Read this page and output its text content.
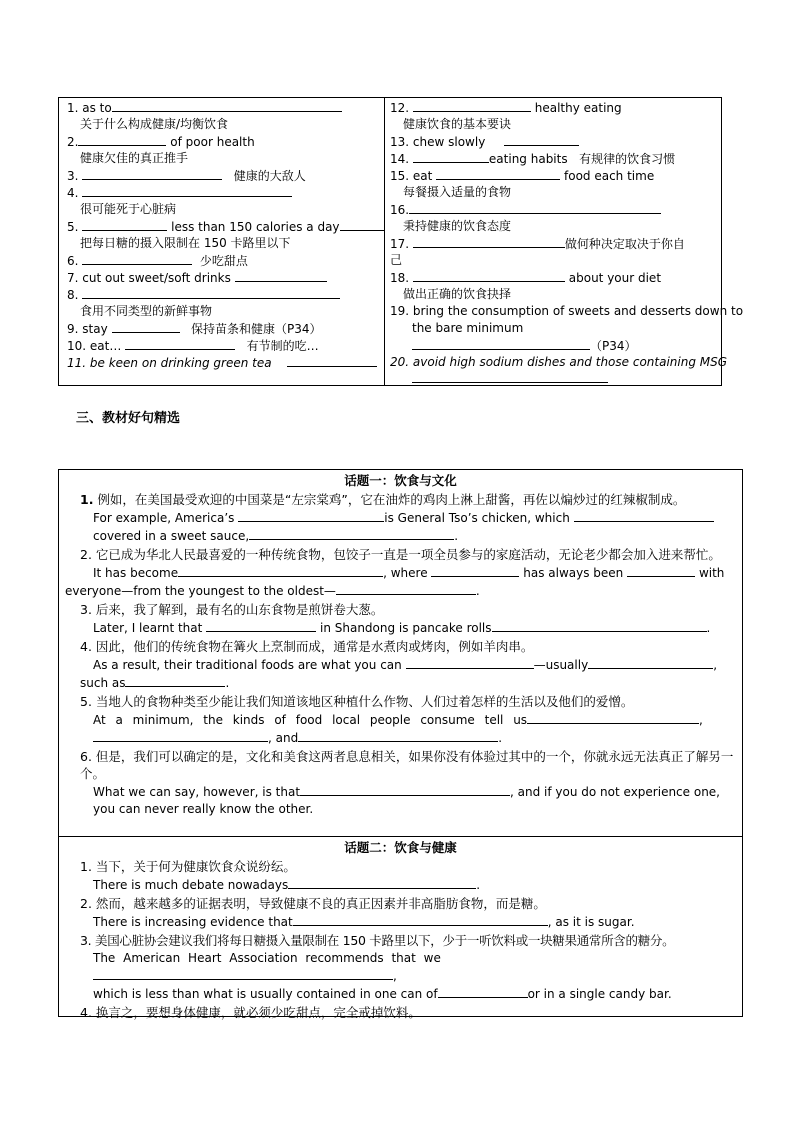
1. as to
关于什么构成健康/均衡饮食
2.	of poor health
健康欠佳的真正推手
3.	健康的大敌人
4.
很可能死于心脏病
5.	less than 150 calories a day
把每日糖的摄入限制在 150 卡路里以下
6.	少吃甜点
7. cut out sweet/soft drinks
8.
食用不同类型的新鲜事物
9. stay	保持苗条和健康（P34）
10. eat…	有节制的吃…
11. be keen on drinking green tea
12.	healthy eating
健康饮食的基本要诀
13. chew slowly
14.	eating habits 有规律的饮食习惯
15. eat	food each time
每餐摄入适量的食物
16.
秉持健康的饮食态度
17.	做何种决定取决于你自
己
18.	about your diet
做出正确的饮食抉择
19. bring the consumption of sweets and desserts down to
the bare minimum
（P34）
20. avoid high sodium dishes and those containing MSG
三、教材好句精选
话题一：饮食与文化
1. 例如，在美国最受欢迎的中国菜是“左宗棠鸡”，它在油炸的鸡肉上淋上甜酱，再佐以煸炒过的红辣椒制成。
For example, America’s	is General Tso’s chicken, which
covered in a sweet sauce,	.
2. 它已成为华北人民最喜爱的一种传统食物，包饺子一直是一项全员参与的家庭活动，无论老少都会加入进来帮忙。
It has become	, where	has always been	with
everyone—from the youngest to the oldest—	.
3. 后来，我了解到，最有名的山东食物是煎饼卷大葱。
Later, I learnt that	in Shandong is pancake rolls	.
4. 因此，他们的传统食物在篝火上烹制而成，通常是水煮肉或烤肉，例如羊肉串。
As a result, their traditional foods are what you can	—usually	,
such as	.
5. 当地人的食物种类至少能让我们知道该地区种植什么作物、人们过着怎样的生活以及他们的爱憎。
At a minimum, the kinds of food local people consume tell us	,
, and	.
6. 但是，我们可以确定的是，文化和美食这两者息息相关，如果你没有体验过其中的一个，你就永远无法真正了解另一个。
What we can say, however, is that	, and if you do not experience one, you can never really know the other.
话题二：饮食与健康
1. 当下，关于何为健康饮食众说纷纭。
There is much debate nowadays	.
2. 然而，越来越多的证据表明，导致健康不良的真正因素并非高脂肪食物，而是糖。
There is increasing evidence that	, as it is sugar.
3. 美国心脏协会建议我们将每日糖摄入量限制在 150 卡路里以下，少于一听饮料或一块糖果通常所含的糖分。
The American Heart Association recommends that we,
which is less than what is usually contained in one can of	or in a single candy bar.
4. 换言之，要想身体健康，就必须少吃甜点，完全戒掉饮料。
